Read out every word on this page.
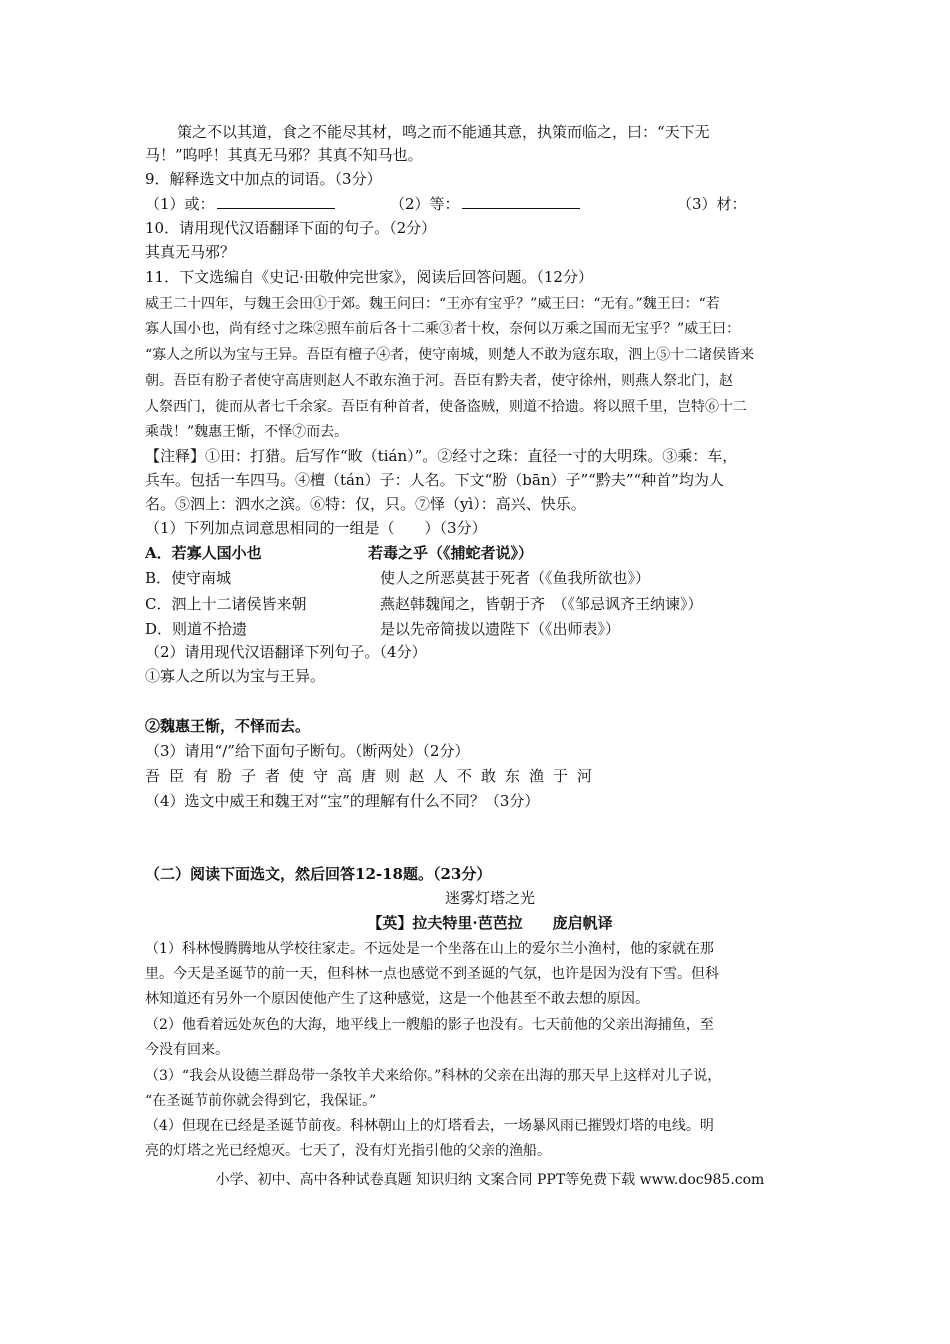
策之不以其道，食之不能尽其材，鸣之而不能通其意，执策而临之，曰：“天下无
马！”呜呼！其真无马邪？其真不知马也。
9．解释选文中加点的词语。（3分）
（1）或：	（2）等：	（3）材：
10．请用现代汉语翻译下面的句子。（2分）
其真无马邪？
11．下文选编自《史记·田敬仲完世家》，阅读后回答问题。（12分）
威王二十四年，与魏王会田①于郊。魏王问曰：“王亦有宝乎？”威王曰：“无有。”魏王曰：“若
寡人国小也，尚有经寸之珠②照车前后各十二乘③者十枚，奈何以万乘之国而无宝乎？”威王曰：
“寡人之所以为宝与王异。吾臣有檀子④者，使守南城，则楚人不敢为寇东取，泗上⑤十二诸侯皆来
朝。吾臣有肦子者使守高唐则赵人不敢东渔于河。吾臣有黔夫者，使守徐州，则燕人祭北门，赵
人祭西门，徙而从者七千余家。吾臣有种首者，使备盗贼，则道不拾遗。将以照千里，岂特⑥十二
乘哉！”魏惠王惭，不怿⑦而去。
【注释】①田：打猎。后写作“畋（tián）”。②经寸之珠：直径一寸的大明珠。③乘：车，
兵车。包括一车四马。④檀（tán）子：人名。下文“肦（bān）子”“黔夫”“种首”均为人
名。⑤泗上：泗水之滨。⑥特：仅，只。⑦怿（yì）：高兴、快乐。
（1）下列加点词意思相同的一组是（　　）（3分）
A．若寡人国小也	若毒之乎（《捕蛇者说》）
B．使守南城	使人之所恶莫甚于死者（《鱼我所欲也》）
C．泗上十二诸侯皆来朝	燕赵韩魏闻之，皆朝于齐　（《邹忌讽齐王纳谏》）
D．则道不拾遗	是以先帝简拔以遗陛下（《出师表》）
（2）请用现代汉语翻译下列句子。（4分）
①寡人之所以为宝与王异。
②魏惠王惭，不怿而去。
（3）请用“/”给下面句子断句。（断两处）（2分）
吾臣有肦子者使守高唐则赵人不敢东渔于河
（4）选文中威王和魏王对“宝”的理解有什么不同？（3分）
（二）阅读下面选文，然后回答12-18题。（23分）
迷雾灯塔之光
【英】拉夫特里·芭芭拉　　庞启帆译
（1）科林慢腾腾地从学校往家走。不远处是一个坐落在山上的爱尔兰小渔村，他的家就在那
里。今天是圣诞节的前一天，但科林一点也感觉不到圣诞的气氛，也许是因为没有下雪。但科
林知道还有另外一个原因使他产生了这种感觉，这是一个他甚至不敢去想的原因。
（2）他看着远处灰色的大海，地平线上一艘船的影子也没有。七天前他的父亲出海捕鱼，至
今没有回来。
（3）“我会从设德兰群岛带一条牧羊犬来给你。”科林的父亲在出海的那天早上这样对儿子说，
“在圣诞节前你就会得到它，我保证。”
（4）但现在已经是圣诞节前夜。科林朝山上的灯塔看去，一场暴风雨已摧毁灯塔的电线。明
亮的灯塔之光已经熄灭。七天了，没有灯光指引他的父亲的渔船。
小学、初中、高中各种试卷真题 知识归纳 文案合同 PPT等免费下载 www.doc985.com
